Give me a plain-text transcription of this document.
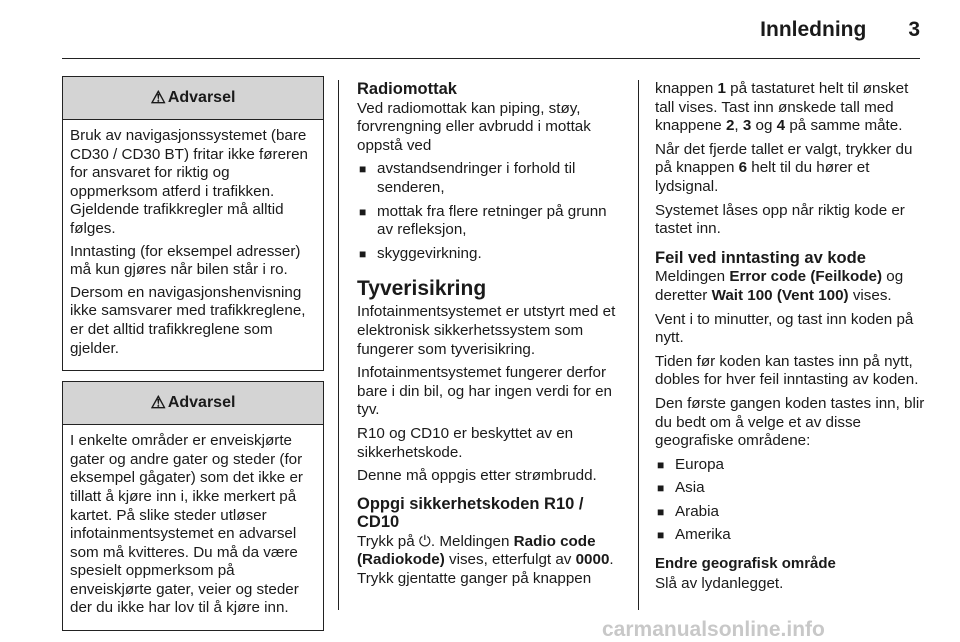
Innledning 3
⚠ Advarsel

Bruk av navigasjonssystemet (bare CD30 / CD30 BT) fritar ikke føreren for ansvaret for riktig og oppmerksom atferd i trafikken. Gjeldende trafikkregler må alltid følges.

Inntasting (for eksempel adresser) må kun gjøres når bilen står i ro.

Dersom en navigasjonshenvisning ikke samsvarer med trafikkreglene, er det alltid trafikkreglene som gjelder.

⚠ Advarsel

I enkelte områder er enveiskjørte gater og andre gater og steder (for eksempel gågater) som det ikke er tillatt å kjøre inn i, ikke merkert på kartet. På slike steder utløser infotainmentsystemet en advarsel som må kvitteres. Du må da være spesielt oppmerksom på enveiskjørte gater, veier og steder der du ikke har lov til å kjøre inn.

Radiomottak

Ved radiomottak kan piping, støy, forvrengning eller avbrudd i mottak oppstå ved

■ avstandsendringer i forhold til senderen,
■ mottak fra flere retninger på grunn av refleksjon,
■ skyggevirkning.
Tyverisikring

Infotainmentsystemet er utstyrt med et elektronisk sikkerhetssystem som fungerer som tyverisikring.

Infotainmentsystemet fungerer derfor bare i din bil, og har ingen verdi for en tyv.

R10 og CD10 er beskyttet av en sikkerhetskode.

Denne må oppgis etter strømbrudd.

Oppgi sikkerhetskoden R10 / CD10

Trykk på ⏻. Meldingen Radio code (Radiokode) vises, etterfulgt av 0000. Trykk gjentatte ganger på knappen

knappen 1 på tastaturet helt til ønsket tall vises. Tast inn ønskede tall med knappene 2, 3 og 4 på samme måte.

Når det fjerde tallet er valgt, trykker du på knappen 6 helt til du hører et lydsignal.

Systemet låses opp når riktig kode er tastet inn.

Feil ved inntasting av kode

Meldingen Error code (Feilkode) og deretter Wait 100 (Vent 100) vises.

Vent i to minutter, og tast inn koden på nytt.

Tiden før koden kan tastes inn på nytt, dobles for hver feil inntasting av koden.

Den første gangen koden tastes inn, blir du bedt om å velge et av disse geografiske områdene:

■ Europa
■ Asia
■ Arabia
■ Amerika
Endre geografisk område

Slå av lydanlegget.

carmanualsonline.info
